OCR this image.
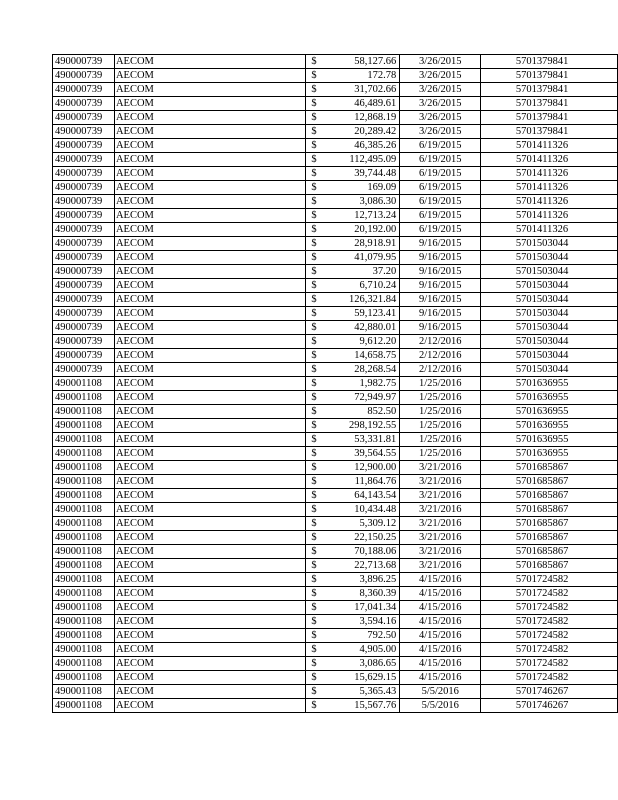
490000739	AECOM	$	58,127.66	3/26/2015	5701379841
490000739	AECOM	$	172.78	3/26/2015	5701379841
490000739	AECOM	$	31,702.66	3/26/2015	5701379841
490000739	AECOM	$	46,489.61	3/26/2015	5701379841
490000739	AECOM	$	12,868.19	3/26/2015	5701379841
490000739	AECOM	$	20,289.42	3/26/2015	5701379841
490000739	AECOM	$	46,385.26	6/19/2015	5701411326
490000739	AECOM	$	112,495.09	6/19/2015	5701411326
490000739	AECOM	$	39,744.48	6/19/2015	5701411326
490000739	AECOM	$	169.09	6/19/2015	5701411326
490000739	AECOM	$	3,086.30	6/19/2015	5701411326
490000739	AECOM	$	12,713.24	6/19/2015	5701411326
490000739	AECOM	$	20,192.00	6/19/2015	5701411326
490000739	AECOM	$	28,918.91	9/16/2015	5701503044
490000739	AECOM	$	41,079.95	9/16/2015	5701503044
490000739	AECOM	$	37.20	9/16/2015	5701503044
490000739	AECOM	$	6,710.24	9/16/2015	5701503044
490000739	AECOM	$	126,321.84	9/16/2015	5701503044
490000739	AECOM	$	59,123.41	9/16/2015	5701503044
490000739	AECOM	$	42,880.01	9/16/2015	5701503044
490000739	AECOM	$	9,612.20	2/12/2016	5701503044
490000739	AECOM	$	14,658.75	2/12/2016	5701503044
490000739	AECOM	$	28,268.54	2/12/2016	5701503044
490001108	AECOM	$	1,982.75	1/25/2016	5701636955
490001108	AECOM	$	72,949.97	1/25/2016	5701636955
490001108	AECOM	$	852.50	1/25/2016	5701636955
490001108	AECOM	$	298,192.55	1/25/2016	5701636955
490001108	AECOM	$	53,331.81	1/25/2016	5701636955
490001108	AECOM	$	39,564.55	1/25/2016	5701636955
490001108	AECOM	$	12,900.00	3/21/2016	5701685867
490001108	AECOM	$	11,864.76	3/21/2016	5701685867
490001108	AECOM	$	64,143.54	3/21/2016	5701685867
490001108	AECOM	$	10,434.48	3/21/2016	5701685867
490001108	AECOM	$	5,309.12	3/21/2016	5701685867
490001108	AECOM	$	22,150.25	3/21/2016	5701685867
490001108	AECOM	$	70,188.06	3/21/2016	5701685867
490001108	AECOM	$	22,713.68	3/21/2016	5701685867
490001108	AECOM	$	3,896.25	4/15/2016	5701724582
490001108	AECOM	$	8,360.39	4/15/2016	5701724582
490001108	AECOM	$	17,041.34	4/15/2016	5701724582
490001108	AECOM	$	3,594.16	4/15/2016	5701724582
490001108	AECOM	$	792.50	4/15/2016	5701724582
490001108	AECOM	$	4,905.00	4/15/2016	5701724582
490001108	AECOM	$	3,086.65	4/15/2016	5701724582
490001108	AECOM	$	15,629.15	4/15/2016	5701724582
490001108	AECOM	$	5,365.43	5/5/2016	5701746267
490001108	AECOM	$	15,567.76	5/5/2016	5701746267
